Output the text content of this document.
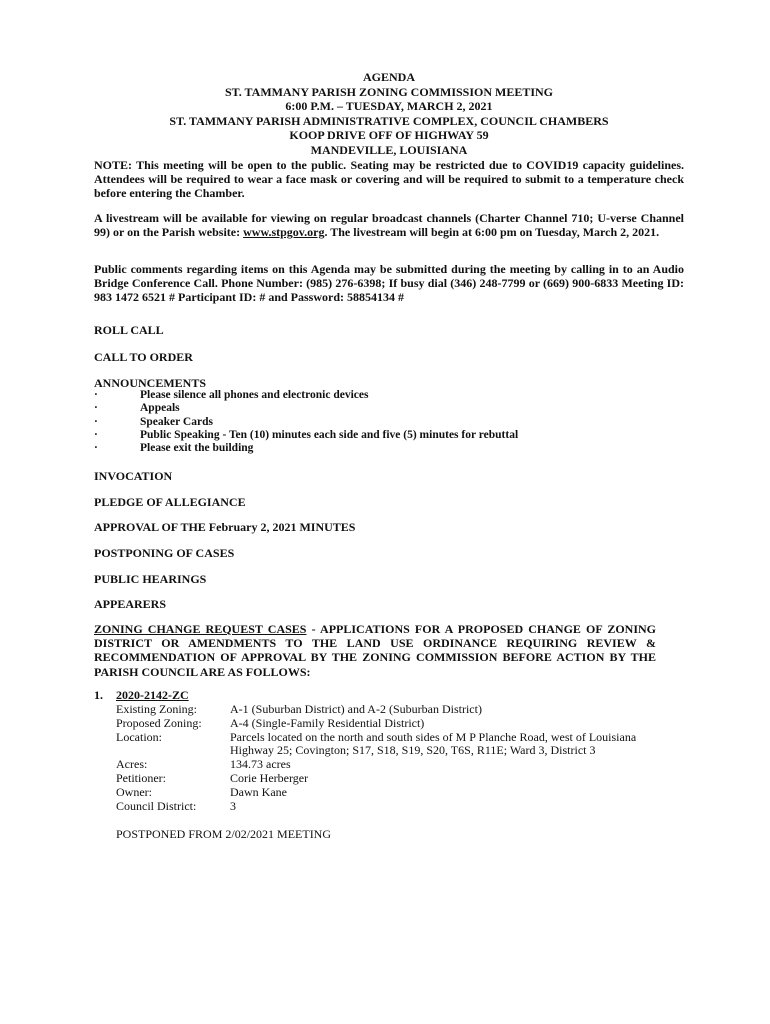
AGENDA
ST. TAMMANY PARISH ZONING COMMISSION MEETING
6:00 P.M. – TUESDAY, MARCH 2, 2021
ST. TAMMANY PARISH ADMINISTRATIVE COMPLEX, COUNCIL CHAMBERS
KOOP DRIVE OFF OF HIGHWAY 59
MANDEVILLE, LOUISIANA
NOTE: This meeting will be open to the public. Seating may be restricted due to COVID19 capacity guidelines. Attendees will be required to wear a face mask or covering and will be required to submit to a temperature check before entering the Chamber.
A livestream will be available for viewing on regular broadcast channels (Charter Channel 710; U-verse Channel 99) or on the Parish website: www.stpgov.org. The livestream will begin at 6:00 pm on Tuesday, March 2, 2021.
Public comments regarding items on this Agenda may be submitted during the meeting by calling in to an Audio Bridge Conference Call. Phone Number: (985) 276-6398; If busy dial (346) 248-7799 or (669) 900-6833 Meeting ID: 983 1472 6521 # Participant ID: # and Password: 58854134 #
ROLL CALL
CALL TO ORDER
ANNOUNCEMENTS
·	Please silence all phones and electronic devices
·	Appeals
·	Speaker Cards
·	Public Speaking - Ten (10) minutes each side and five (5) minutes for rebuttal
·	Please exit the building
INVOCATION
PLEDGE OF ALLEGIANCE
APPROVAL OF THE February 2, 2021 MINUTES
POSTPONING OF CASES
PUBLIC HEARINGS
APPEARERS
ZONING CHANGE REQUEST CASES - APPLICATIONS FOR A PROPOSED CHANGE OF ZONING DISTRICT OR AMENDMENTS TO THE LAND USE ORDINANCE REQUIRING REVIEW & RECOMMENDATION OF APPROVAL BY THE ZONING COMMISSION BEFORE ACTION BY THE PARISH COUNCIL ARE AS FOLLOWS:
1. 2020-2142-ZC
Existing Zoning:	A-1 (Suburban District) and A-2 (Suburban District)
Proposed Zoning:	A-4 (Single-Family Residential District)
Location:	Parcels located on the north and south sides of M P Planche Road, west of Louisiana Highway 25; Covington; S17, S18, S19, S20, T6S, R11E; Ward 3, District 3
Acres:	134.73 acres
Petitioner:	Corie Herberger
Owner:	Dawn Kane
Council District:	3
POSTPONED FROM 2/02/2021 MEETING
